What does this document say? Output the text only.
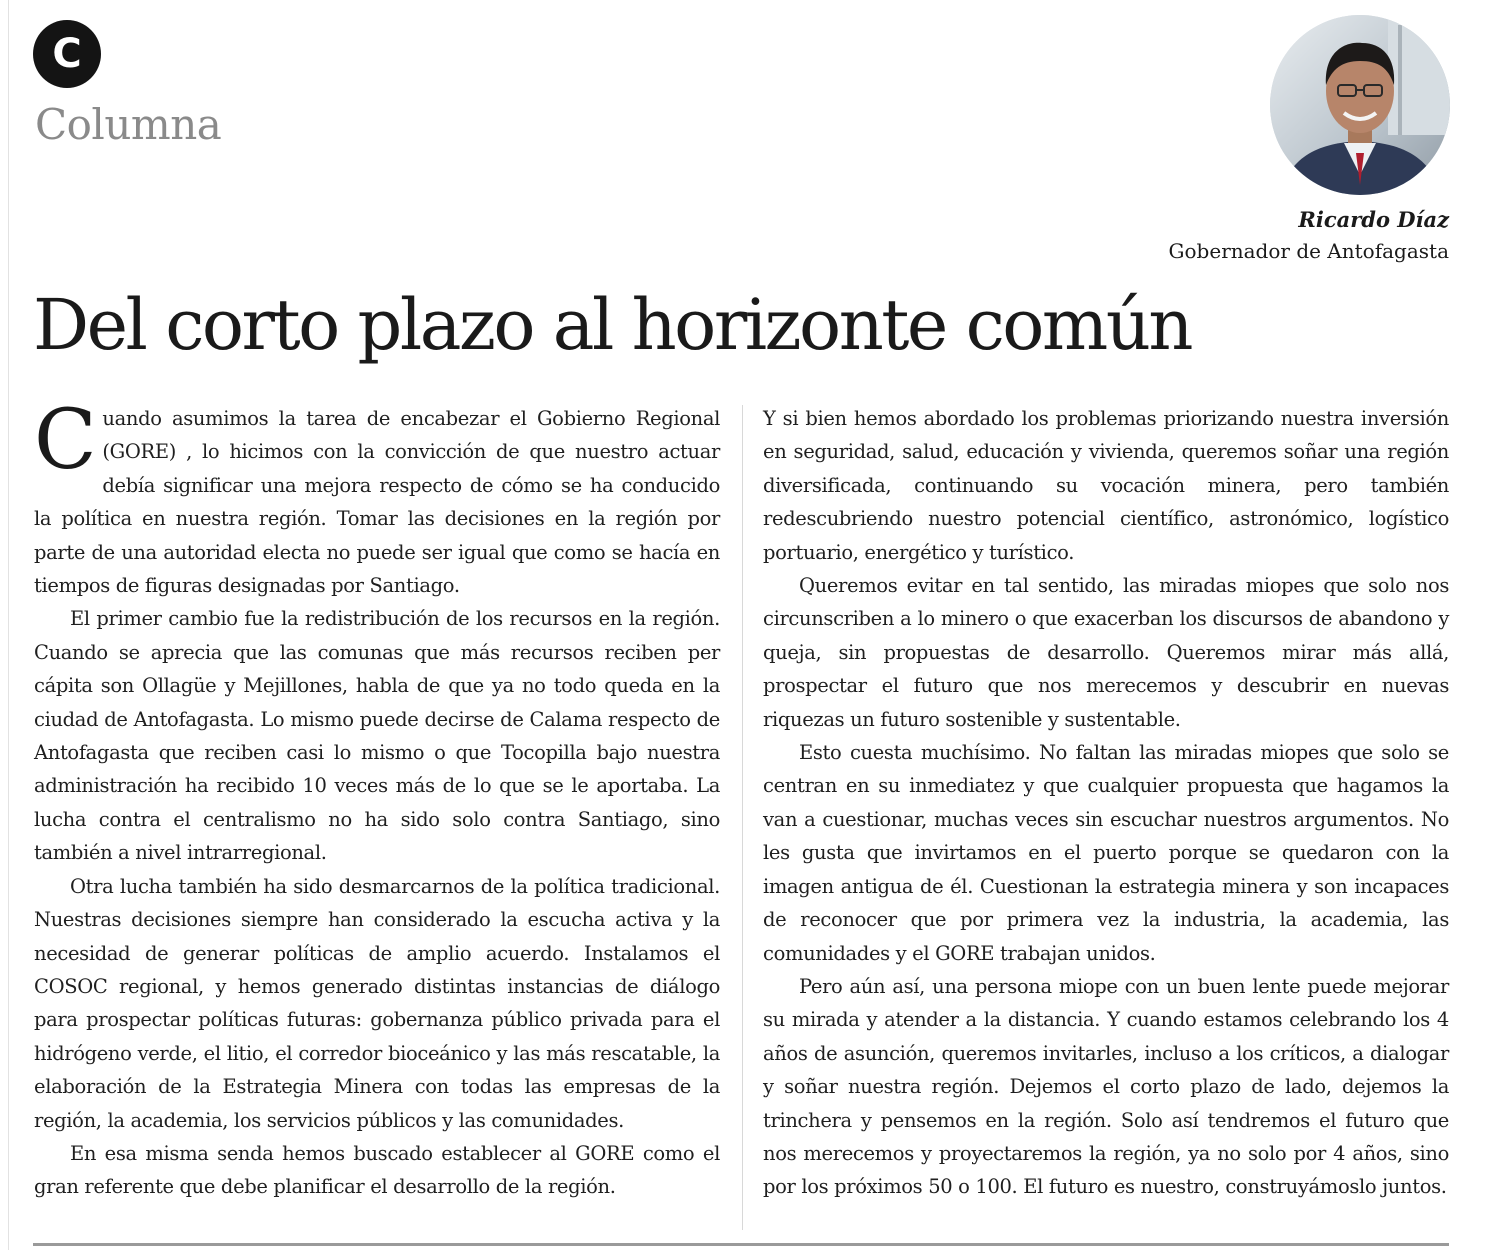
C
Columna
Ricardo Díaz
Gobernador de Antofagasta
Del corto plazo al horizonte común

Cuando asumimos la tarea de encabezar el Gobierno Regional (GORE) , lo hicimos con la convicción de que nuestro actuar debía significar una mejora respecto de cómo se ha conducido la política en nuestra región. Tomar las decisiones en la región por parte de una autoridad electa no puede ser igual que como se hacía en tiempos de figuras designadas por Santiago.

El primer cambio fue la redistribución de los recursos en la región. Cuando se aprecia que las comunas que más recursos reciben per cápita son Ollagüe y Mejillones, habla de que ya no todo queda en la ciudad de Antofagasta. Lo mismo puede decirse de Calama respecto de Antofagasta que reciben casi lo mismo o que Tocopilla bajo nuestra administración ha recibido 10 veces más de lo que se le aportaba. La lucha contra el centralismo no ha sido solo contra Santiago, sino también a nivel intrarregional.

Otra lucha también ha sido desmarcarnos de la política tradicional. Nuestras decisiones siempre han considerado la escucha activa y la necesidad de generar políticas de amplio acuerdo. Instalamos el COSOC regional, y hemos generado distintas instancias de diálogo para prospectar políticas futuras: gobernanza público privada para el hidrógeno verde, el litio, el corredor bioceánico y las más rescatable, la elaboración de la Estrategia Minera con todas las empresas de la región, la academia, los servicios públicos y las comunidades.

En esa misma senda hemos buscado establecer al GORE como el gran referente que debe planificar el desarrollo de la región.

Y si bien hemos abordado los problemas priorizando nuestra inversión en seguridad, salud, educación y vivienda, queremos soñar una región diversificada, continuando su vocación minera, pero también redescubriendo nuestro potencial científico, astronómico, logístico portuario, energético y turístico.

Queremos evitar en tal sentido, las miradas miopes que solo nos circunscriben a lo minero o que exacerban los discursos de abandono y queja, sin propuestas de desarrollo. Queremos mirar más allá, prospectar el futuro que nos merecemos y descubrir en nuevas riquezas un futuro sostenible y sustentable.

Esto cuesta muchísimo. No faltan las miradas miopes que solo se centran en su inmediatez y que cualquier propuesta que hagamos la van a cuestionar, muchas veces sin escuchar nuestros argumentos. No les gusta que invirtamos en el puerto porque se quedaron con la imagen antigua de él. Cuestionan la estrategia minera y son incapaces de reconocer que por primera vez la industria, la academia, las comunidades y el GORE trabajan unidos.

Pero aún así, una persona miope con un buen lente puede mejorar su mirada y atender a la distancia. Y cuando estamos celebrando los 4 años de asunción, queremos invitarles, incluso a los críticos, a dialogar y soñar nuestra región. Dejemos el corto plazo de lado, dejemos la trinchera y pensemos en la región. Solo así tendremos el futuro que nos merecemos y proyectaremos la región, ya no solo por 4 años, sino por los próximos 50 o 100. El futuro es nuestro, construyámoslo juntos.
